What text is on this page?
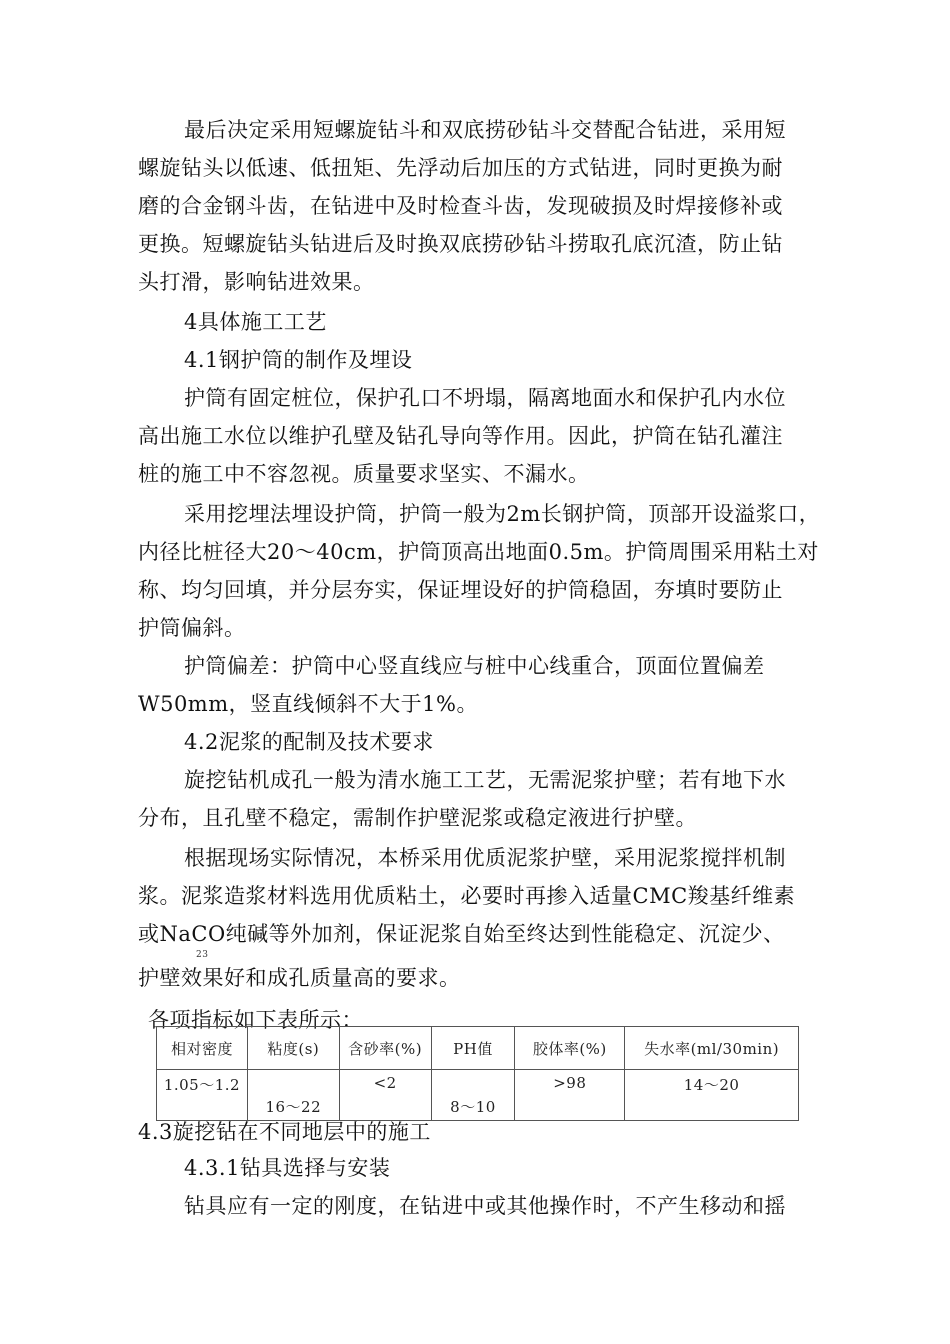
最后决定采用短螺旋钻斗和双底捞砂钻斗交替配合钻进，采用短
螺旋钻头以低速、低扭矩、先浮动后加压的方式钻进，同时更换为耐
磨的合金钢斗齿，在钻进中及时检查斗齿，发现破损及时焊接修补或
更换。短螺旋钻头钻进后及时换双底捞砂钻斗捞取孔底沉渣，防止钻
头打滑，影响钻进效果。
4具体施工工艺
4.1钢护筒的制作及埋设
护筒有固定桩位，保护孔口不坍塌，隔离地面水和保护孔内水位
高出施工水位以维护孔壁及钻孔导向等作用。因此，护筒在钻孔灌注
桩的施工中不容忽视。质量要求坚实、不漏水。
采用挖埋法埋设护筒，护筒一般为2m长钢护筒，顶部开设溢浆口，
内径比桩径大20〜40cm，护筒顶高出地面0.5m。护筒周围采用粘土对
称、均匀回填，并分层夯实，保证埋设好的护筒稳固，夯填时要防止
护筒偏斜。
护筒偏差：护筒中心竖直线应与桩中心线重合，顶面位置偏差
W50mm，竖直线倾斜不大于1%。
4.2泥浆的配制及技术要求
旋挖钻机成孔一般为清水施工工艺，无需泥浆护壁；若有地下水
分布，且孔壁不稳定，需制作护壁泥浆或稳定液进行护壁。
根据现场实际情况，本桥采用优质泥浆护壁，采用泥浆搅拌机制
浆。泥浆造浆材料选用优质粘土，必要时再掺入适量CMC羧基纤维素
或NaCO纯碱等外加剂，保证泥浆自始至终达到性能稳定、沉淀少、
23
护壁效果好和成孔质量高的要求。
各项指标如下表所示：
相对密度	粘度(s)	含砂率(%)	PH值	胶体率(%)	失水率(ml/30min)
1.05〜1.2	16〜22	<2	8〜10	>98	14〜20
4.3旋挖钻在不同地层中的施工
4.3.1钻具选择与安装
钻具应有一定的刚度，在钻进中或其他操作时，不产生移动和摇
